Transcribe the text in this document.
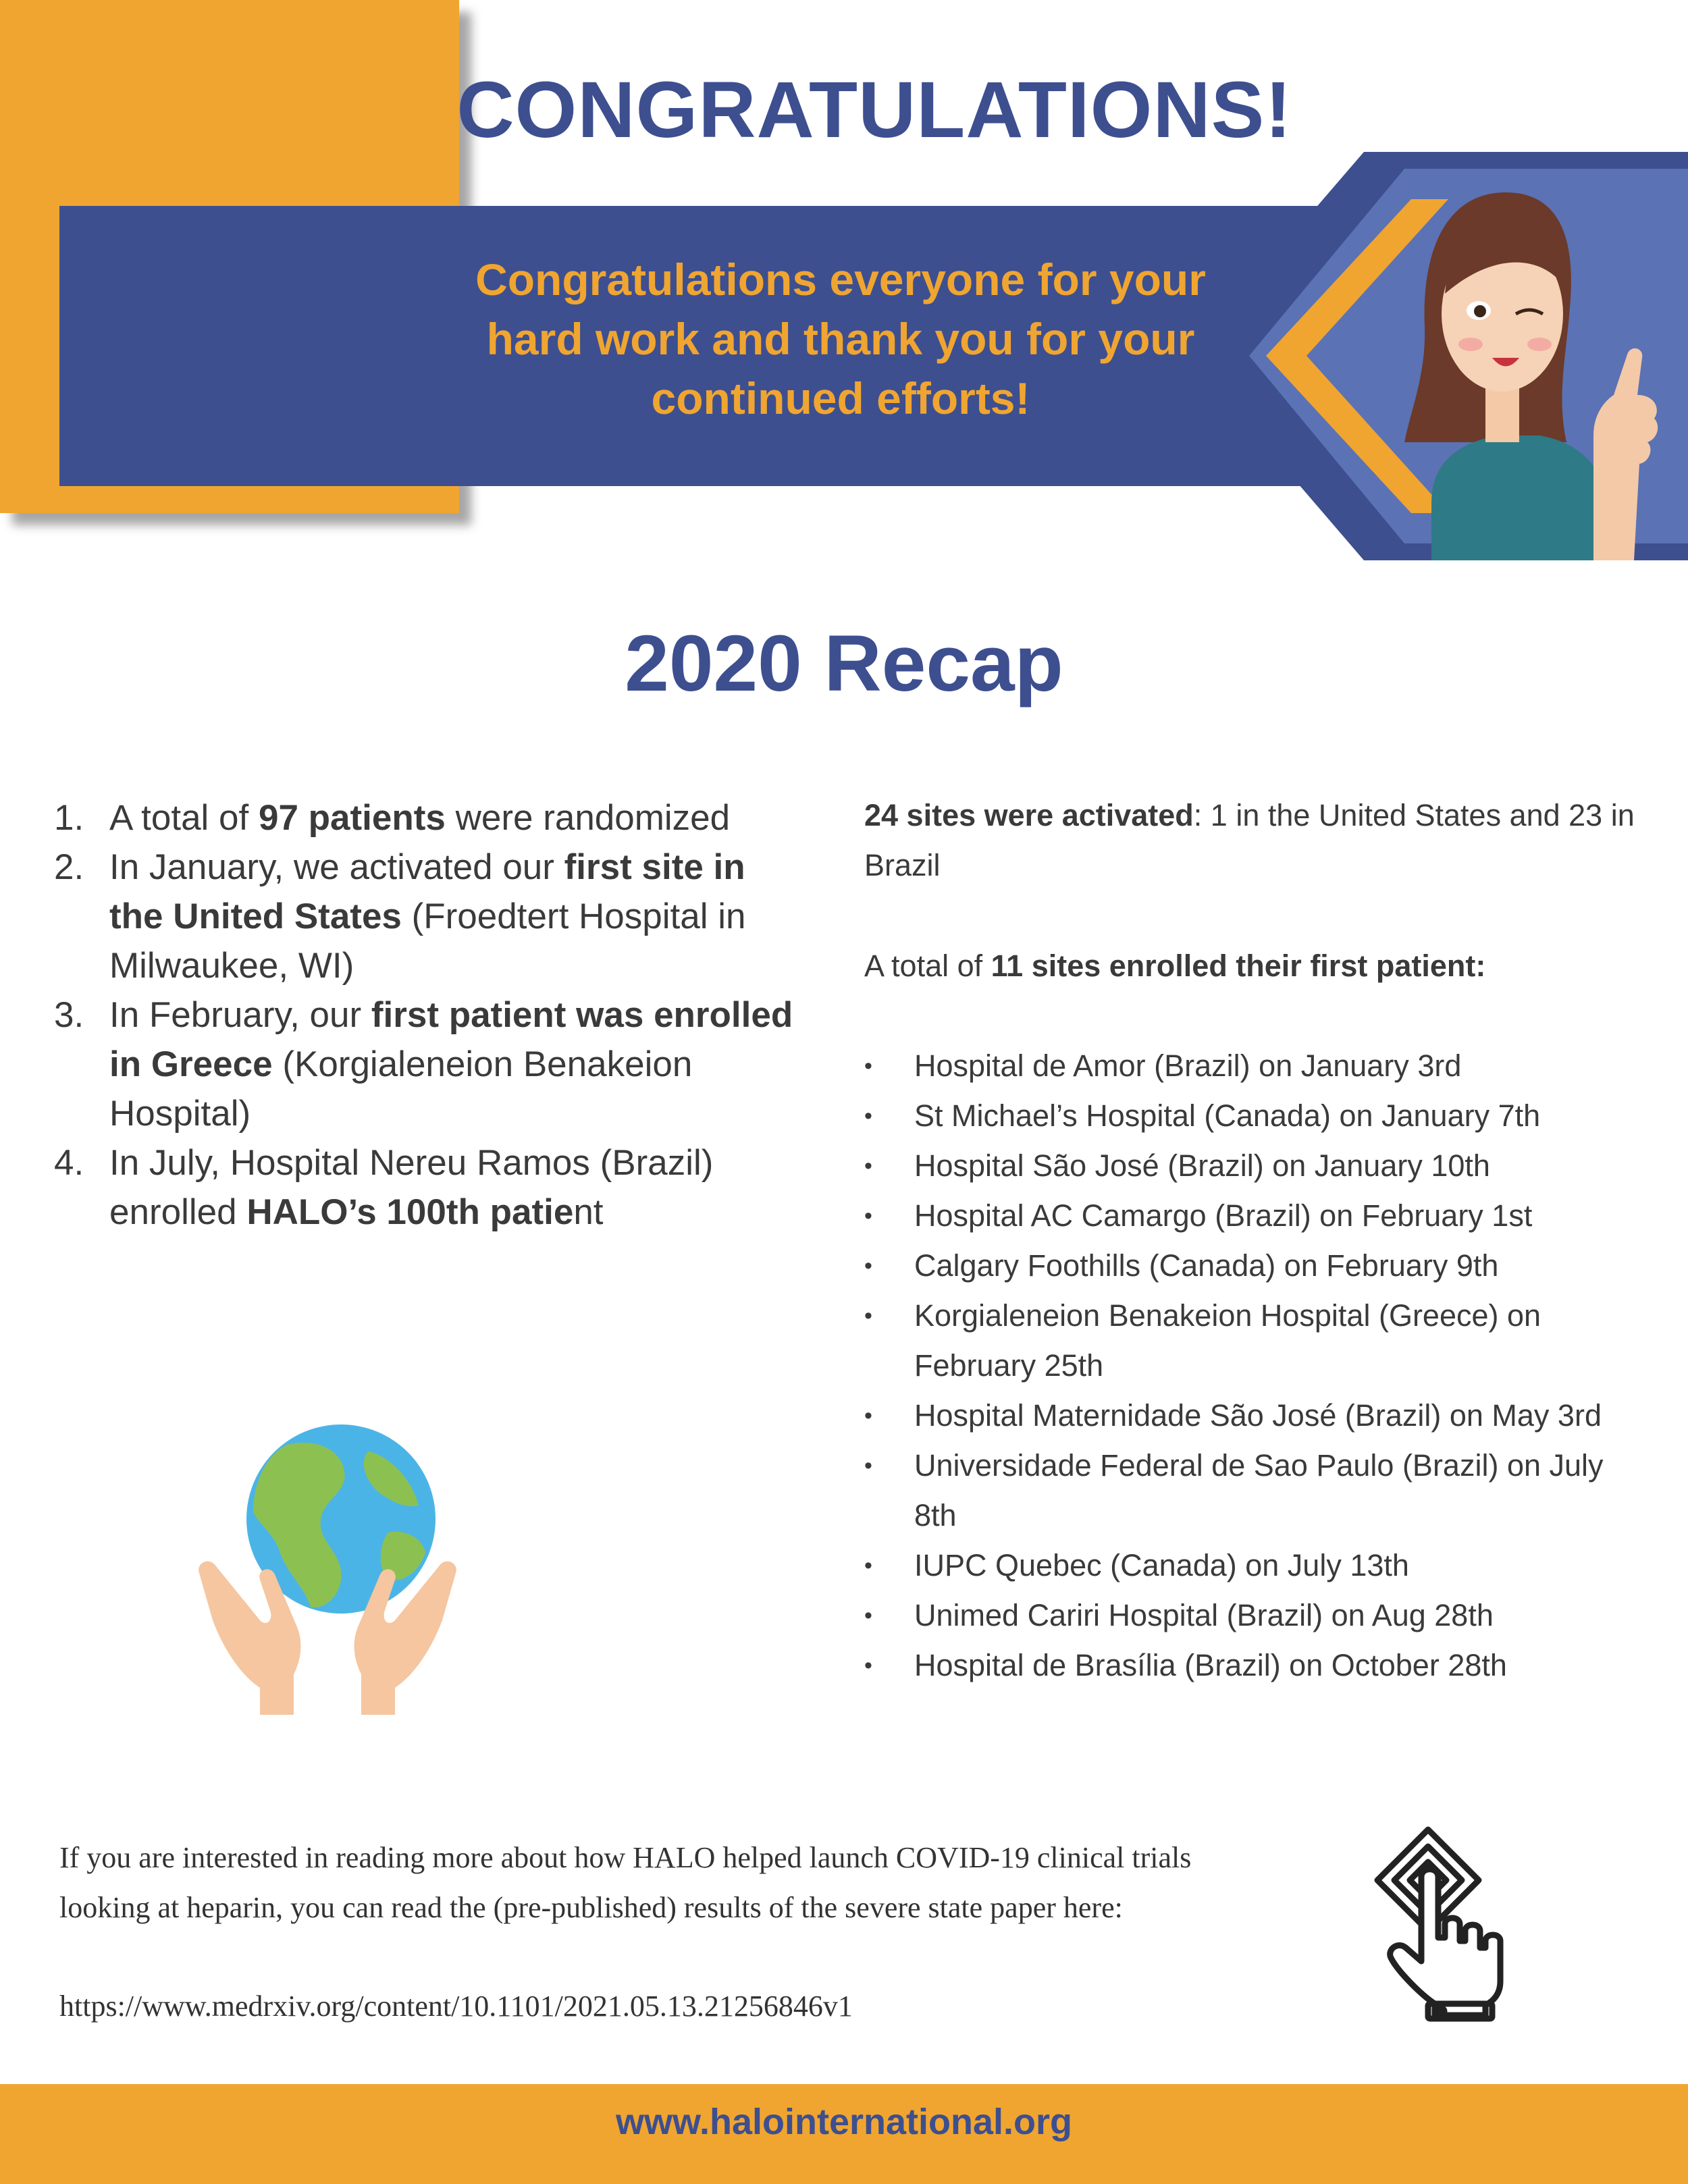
CONGRATULATIONS!

Congratulations everyone for your
hard work and thank you for your
continued efforts!

2020 Recap
1. A total of 97 patients were randomized
2. In January, we activated our first site in the United States (Froedtert Hospital in Milwaukee, WI)
3. In February, our first patient was enrolled in Greece (Korgialeneion Benakeion Hospital)
4. In July, Hospital Nereu Ramos (Brazil) enrolled HALO’s 100th patient

24 sites were activated: 1 in the United States and 23 in Brazil

A total of 11 sites enrolled their first patient:

• Hospital de Amor (Brazil) on January 3rd
• St Michael’s Hospital (Canada) on January 7th
• Hospital São José (Brazil) on January 10th
• Hospital AC Camargo (Brazil) on February 1st
• Calgary Foothills (Canada) on February 9th
• Korgialeneion Benakeion Hospital (Greece) on February 25th
• Hospital Maternidade São José (Brazil) on May 3rd
• Universidade Federal de Sao Paulo (Brazil) on July 8th
• IUPC Quebec (Canada) on July 13th
• Unimed Cariri Hospital (Brazil) on Aug 28th
• Hospital de Brasília (Brazil) on October 28th

If you are interested in reading more about how HALO helped launch COVID-19 clinical trials
looking at heparin, you can read the (pre-published) results of the severe state paper here:

https://www.medrxiv.org/content/10.1101/2021.05.13.21256846v1

www.halointernational.org
